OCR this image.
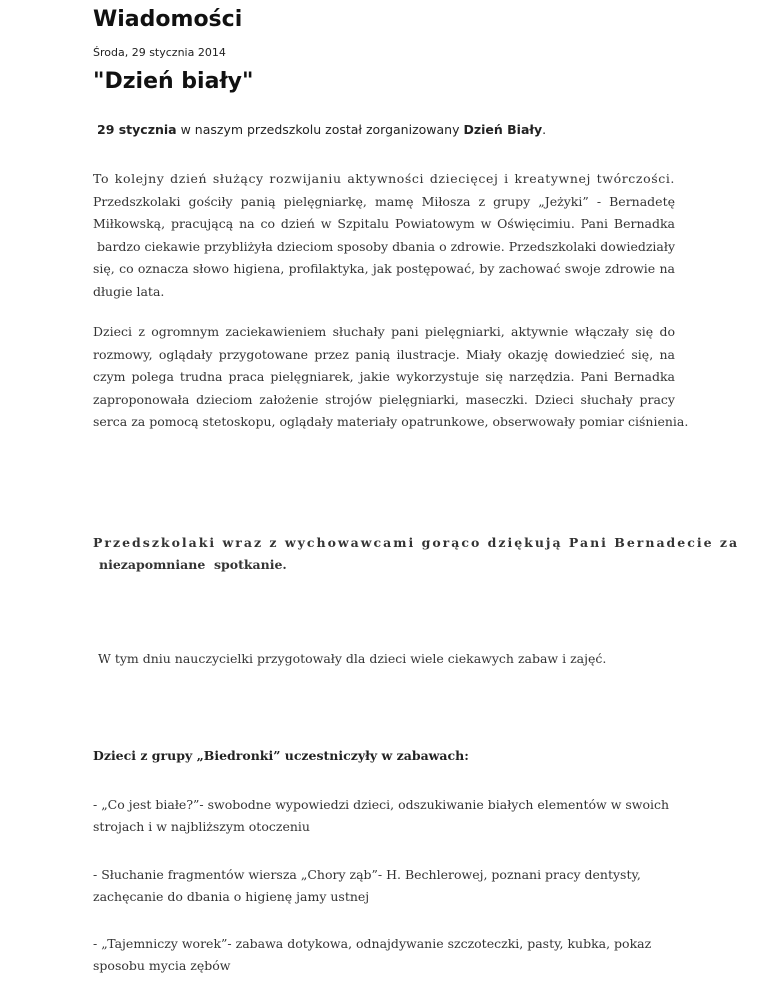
Wiadomości
Środa, 29 stycznia 2014
"Dzień biały"
29 stycznia w naszym przedszkolu został zorganizowany Dzień Biały.
To kolejny dzień służący rozwijaniu aktywności dziecięcej i kreatywnej twórczości.
Przedszkolaki gościły panią pielęgniarkę, mamę Miłosza z grupy „Jeżyki” - Bernadetę
Miłkowską, pracującą na co dzień w Szpitalu Powiatowym w Oświęcimiu. Pani Bernadka
bardzo ciekawie przybliżyła dzieciom sposoby dbania o zdrowie. Przedszkolaki dowiedziały
się, co oznacza słowo higiena, profilaktyka, jak postępować, by zachować swoje zdrowie na
długie lata.
Dzieci z ogromnym zaciekawieniem słuchały pani pielęgniarki, aktywnie włączały się do
rozmowy, oglądały przygotowane przez panią ilustracje. Miały okazję dowiedzieć się, na
czym polega trudna praca pielęgniarek, jakie wykorzystuje się narzędzia. Pani Bernadka
zaproponowała dzieciom założenie strojów pielęgniarki, maseczki. Dzieci słuchały pracy
serca za pomocą stetoskopu, oglądały materiały opatrunkowe, obserwowały pomiar ciśnienia.
Przedszkolaki wraz z wychowawcami gorąco dziękują Pani Bernadecie za
niezapomniane  spotkanie.
W tym dniu nauczycielki przygotowały dla dzieci wiele ciekawych zabaw i zajęć.
Dzieci z grupy „Biedronki” uczestniczyły w zabawach:
- „Co jest białe?”- swobodne wypowiedzi dzieci, odszukiwanie białych elementów w swoich
strojach i w najbliższym otoczeniu
- Słuchanie fragmentów wiersza „Chory ząb”- H. Bechlerowej, poznani pracy dentysty,
zachęcanie do dbania o higienę jamy ustnej
- „Tajemniczy worek”- zabawa dotykowa, odnajdywanie szczoteczki, pasty, kubka, pokaz
sposobu mycia zębów
